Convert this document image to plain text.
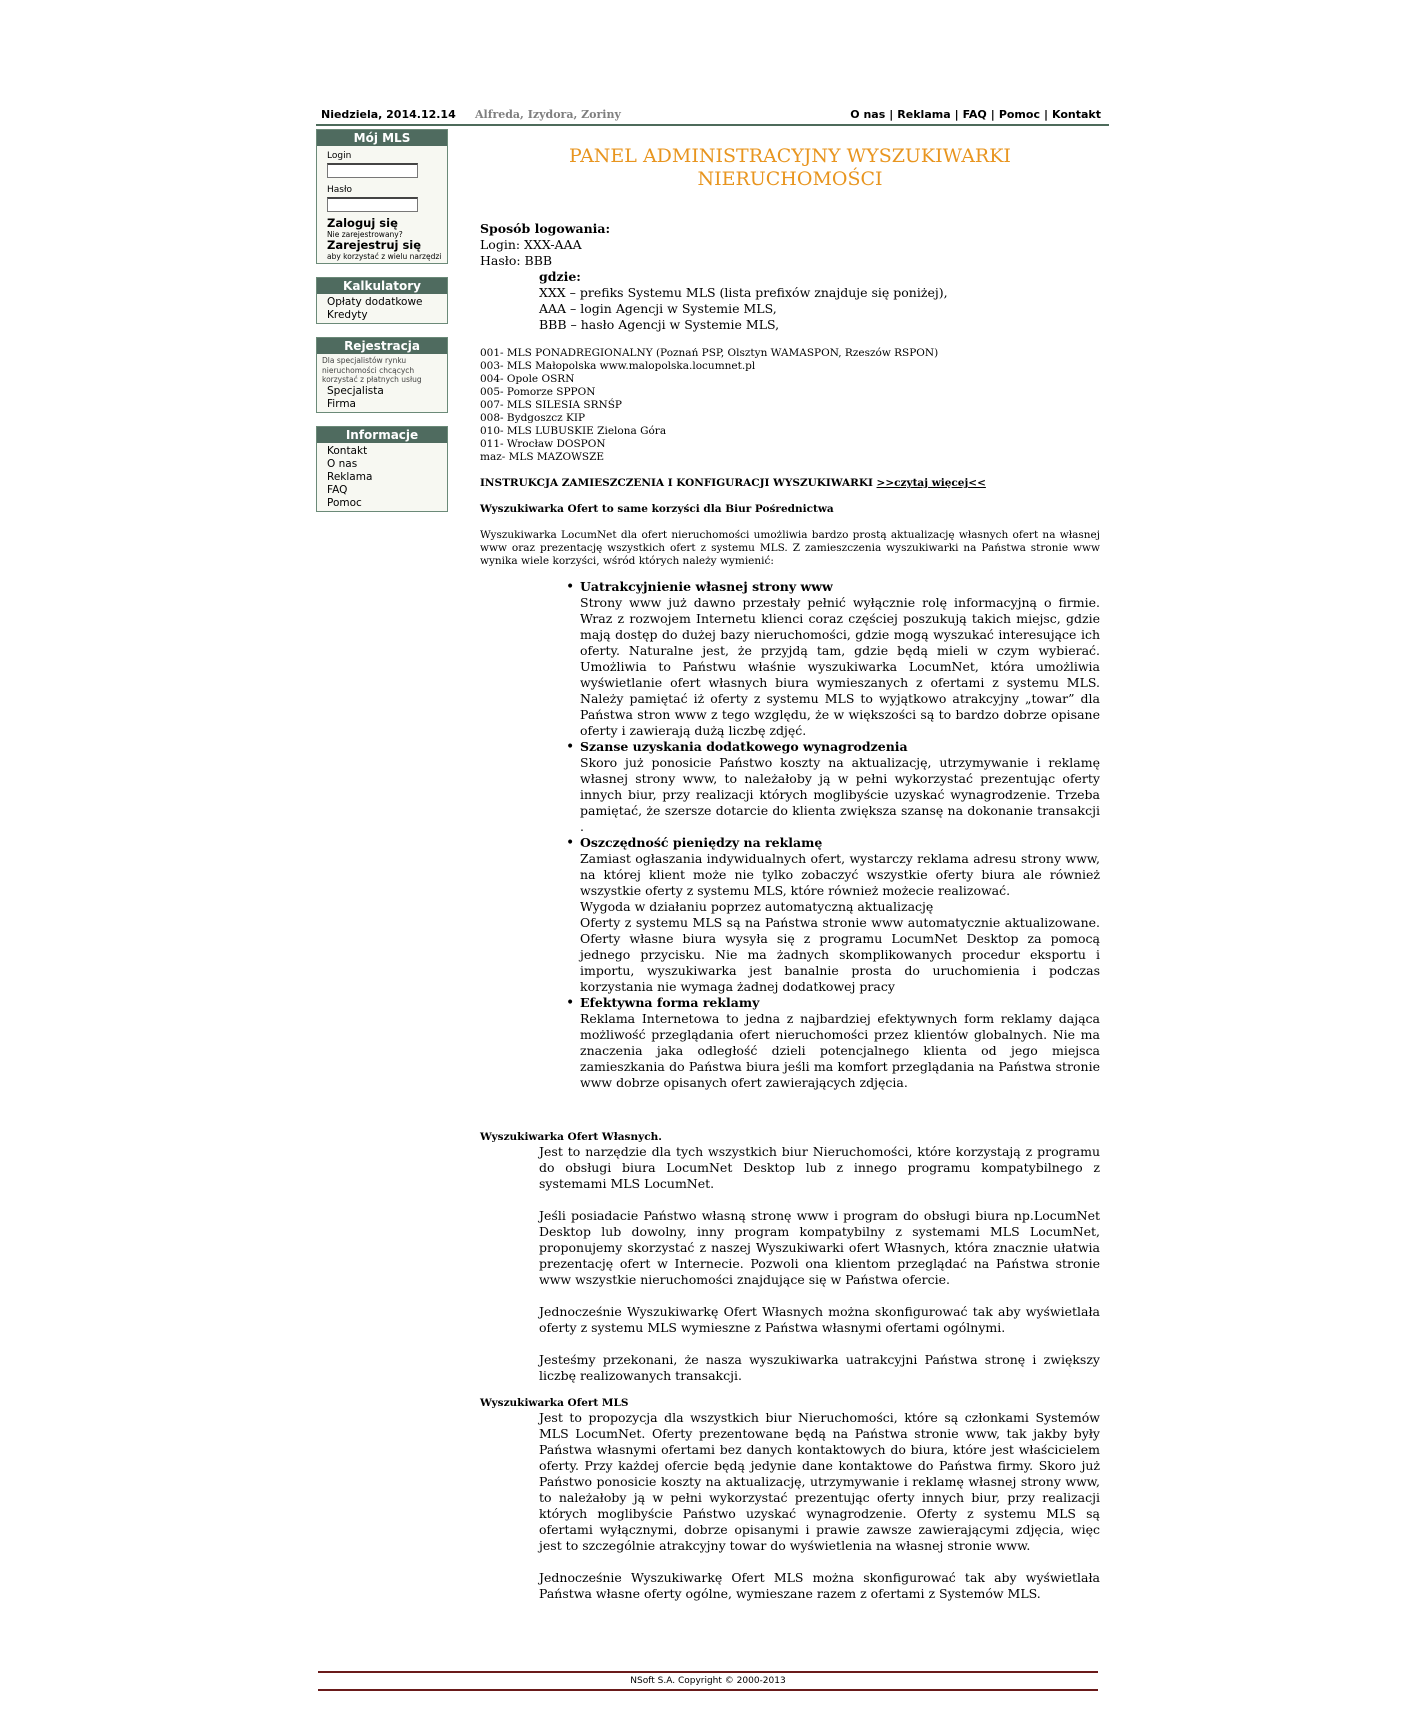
Niedziela, 2014.12.14 Alfreda, Izydora, Zoriny	O nas | Reklama | FAQ | Pomoc | Kontakt
Mój MLS
Login
Hasło
Zaloguj się
Nie zarejestrowany?
Zarejestruj się
aby korzystać z wielu narzędzi
Kalkulatory
Opłaty dodatkowe
Kredyty
Rejestracja
Dla specjalistów rynku nieruchomości chcących korzystać z płatnych usług
Specjalista
Firma
Informacje
Kontakt
O nas
Reklama
FAQ
Pomoc
PANEL ADMINISTRACYJNY WYSZUKIWARKI NIERUCHOMOŚCI
Sposób logowania:
Login: XXX-AAA
Hasło: BBB
gdzie:
XXX – prefiks Systemu MLS (lista prefixów znajduje się poniżej),
AAA – login Agencji w Systemie MLS,
BBB – hasło Agencji w Systemie MLS,
001- MLS PONADREGIONALNY (Poznań PSP, Olsztyn WAMASPON, Rzeszów RSPON)
003- MLS Małopolska www.malopolska.locumnet.pl
004- Opole OSRN
005- Pomorze SPPON
007- MLS SILESIA SRNŚP
008- Bydgoszcz KIP
010- MLS LUBUSKIE Zielona Góra
011- Wrocław DOSPON
maz- MLS MAZOWSZE
INSTRUKCJA ZAMIESZCZENIA I KONFIGURACJI WYSZUKIWARKI >>czytaj więcej<<
Wyszukiwarka Ofert to same korzyści dla Biur Pośrednictwa
Wyszukiwarka LocumNet dla ofert nieruchomości umożliwia bardzo prostą aktualizację własnych ofert na własnej www oraz prezentację wszystkich ofert z systemu MLS. Z zamieszczenia wyszukiwarki na Państwa stronie www wynika wiele korzyści, wśród których należy wymienić:
• Uatrakcyjnienie własnej strony www
Strony www już dawno przestały pełnić wyłącznie rolę informacyjną o firmie. Wraz z rozwojem Internetu klienci coraz częściej poszukują takich miejsc, gdzie mają dostęp do dużej bazy nieruchomości, gdzie mogą wyszukać interesujące ich oferty. Naturalne jest, że przyjdą tam, gdzie będą mieli w czym wybierać. Umożliwia to Państwu właśnie wyszukiwarka LocumNet, która umożliwia wyświetlanie ofert własnych biura wymieszanych z ofertami z systemu MLS. Należy pamiętać iż oferty z systemu MLS to wyjątkowo atrakcyjny „towar” dla Państwa stron www z tego względu, że w większości są to bardzo dobrze opisane oferty i zawierają dużą liczbę zdjęć.
• Szanse uzyskania dodatkowego wynagrodzenia
Skoro już ponosicie Państwo koszty na aktualizację, utrzymywanie i reklamę własnej strony www, to należałoby ją w pełni wykorzystać prezentując oferty innych biur, przy realizacji których moglibyście uzyskać wynagrodzenie. Trzeba pamiętać, że szersze dotarcie do klienta zwiększa szansę na dokonanie transakcji .
• Oszczędność pieniędzy na reklamę
Zamiast ogłaszania indywidualnych ofert, wystarczy reklama adresu strony www, na której klient może nie tylko zobaczyć wszystkie oferty biura ale również wszystkie oferty z systemu MLS, które również możecie realizować.
Wygoda w działaniu poprzez automatyczną aktualizację
Oferty z systemu MLS są na Państwa stronie www automatycznie aktualizowane. Oferty własne biura wysyła się z programu LocumNet Desktop za pomocą jednego przycisku. Nie ma żadnych skomplikowanych procedur eksportu i importu, wyszukiwarka jest banalnie prosta do uruchomienia i podczas korzystania nie wymaga żadnej dodatkowej pracy
• Efektywna forma reklamy
Reklama Internetowa to jedna z najbardziej efektywnych form reklamy dająca możliwość przeglądania ofert nieruchomości przez klientów globalnych. Nie ma znaczenia jaka odległość dzieli potencjalnego klienta od jego miejsca zamieszkania do Państwa biura jeśli ma komfort przeglądania na Państwa stronie www dobrze opisanych ofert zawierających zdjęcia.
Wyszukiwarka Ofert Własnych.
Jest to narzędzie dla tych wszystkich biur Nieruchomości, które korzystają z programu do obsługi biura LocumNet Desktop lub z innego programu kompatybilnego z systemami MLS LocumNet.
Jeśli posiadacie Państwo własną stronę www i program do obsługi biura np.LocumNet Desktop lub dowolny, inny program kompatybilny z systemami MLS LocumNet, proponujemy skorzystać z naszej Wyszukiwarki ofert Własnych, która znacznie ułatwia prezentację ofert w Internecie. Pozwoli ona klientom przeglądać na Państwa stronie www wszystkie nieruchomości znajdujące się w Państwa ofercie.
Jednocześnie Wyszukiwarkę Ofert Własnych można skonfigurować tak aby wyświetlała oferty z systemu MLS wymieszne z Państwa własnymi ofertami ogólnymi.
Jesteśmy przekonani, że nasza wyszukiwarka uatrakcyjni Państwa stronę i zwiększy liczbę realizowanych transakcji.
Wyszukiwarka Ofert MLS
Jest to propozycja dla wszystkich biur Nieruchomości, które są członkami Systemów MLS LocumNet. Oferty prezentowane będą na Państwa stronie www, tak jakby były Państwa własnymi ofertami bez danych kontaktowych do biura, które jest właścicielem oferty. Przy każdej ofercie będą jedynie dane kontaktowe do Państwa firmy. Skoro już Państwo ponosicie koszty na aktualizację, utrzymywanie i reklamę własnej strony www, to należałoby ją w pełni wykorzystać prezentując oferty innych biur, przy realizacji których moglibyście Państwo uzyskać wynagrodzenie. Oferty z systemu MLS są ofertami wyłącznymi, dobrze opisanymi i prawie zawsze zawierającymi zdjęcia, więc jest to szczególnie atrakcyjny towar do wyświetlenia na własnej stronie www.
Jednocześnie Wyszukiwarkę Ofert MLS można skonfigurować tak aby wyświetlała Państwa własne oferty ogólne, wymieszane razem z ofertami z Systemów MLS.
NSoft S.A. Copyright © 2000-2013
